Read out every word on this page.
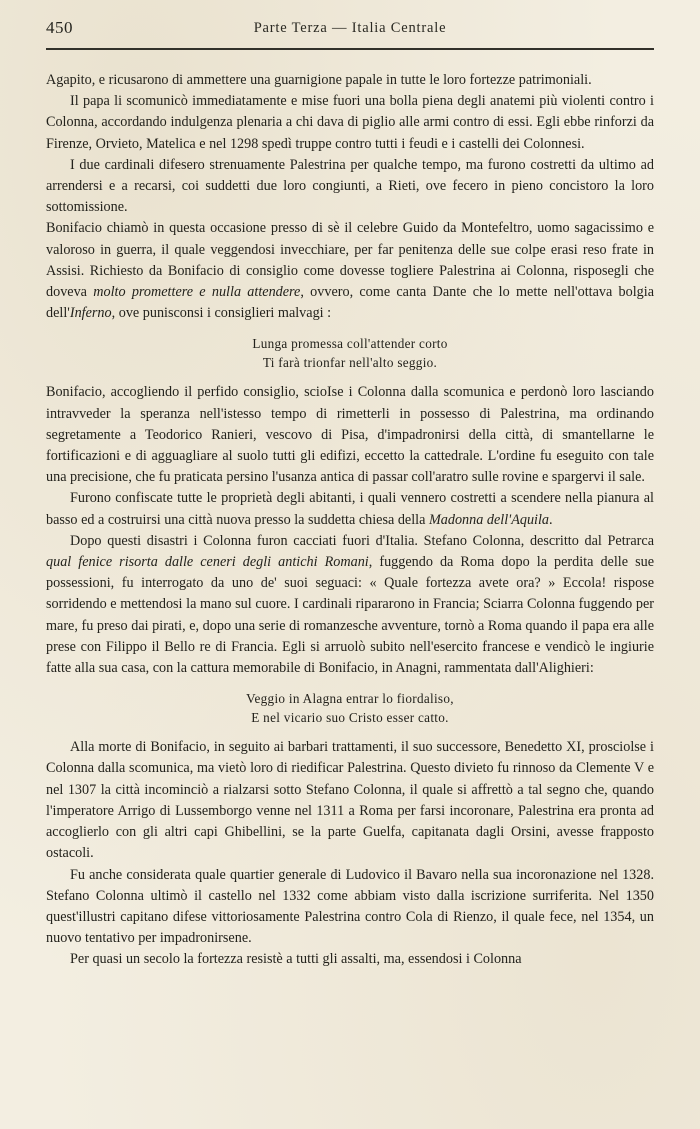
450	Parte Terza — Italia Centrale

Agapito, e ricusarono di ammettere una guarnigione papale in tutte le loro fortezze patrimoniali.

Il papa li scomunicò immediatamente e mise fuori una bolla piena degli anatemi più violenti contro i Colonna, accordando indulgenza plenaria a chi dava di piglio alle armi contro di essi. Egli ebbe rinforzi da Firenze, Orvieto, Matelica e nel 1298 spedì truppe contro tutti i feudi e i castelli dei Colonnesi.

I due cardinali difesero strenuamente Palestrina per qualche tempo, ma furono costretti da ultimo ad arrendersi e a recarsi, coi suddetti due loro congiunti, a Rieti, ove fecero in pieno concistoro la loro sottomissione.

Bonifacio chiamò in questa occasione presso di sè il celebre Guido da Montefeltro, uomo sagacissimo e valoroso in guerra, il quale veggendosi invecchiare, per far penitenza delle sue colpe erasi reso frate in Assisi. Richiesto da Bonifacio di consiglio come dovesse togliere Palestrina ai Colonna, risposegli che doveva molto promettere e nulla attendere, ovvero, come canta Dante che lo mette nell'ottava bolgia dell'Inferno, ove punisconsi i consiglieri malvagi :

Lunga promessa coll'attender corto
Ti farà trionfar nell'alto seggio.

Bonifacio, accogliendo il perfido consiglio, scioIse i Colonna dalla scomunica e perdonò loro lasciando intravveder la speranza nell'istesso tempo di rimetterli in possesso di Palestrina, ma ordinando segretamente a Teodorico Ranieri, vescovo di Pisa, d'impadronirsi della città, di smantellarne le fortificazioni e di agguagliare al suolo tutti gli edifizi, eccetto la cattedrale. L'ordine fu eseguito con tale una precisione, che fu praticata persino l'usanza antica di passar coll'aratro sulle rovine e spargervi il sale.

Furono confiscate tutte le proprietà degli abitanti, i quali vennero costretti a scendere nella pianura al basso ed a costruirsi una città nuova presso la suddetta chiesa della Madonna dell'Aquila.

Dopo questi disastri i Colonna furon cacciati fuori d'Italia. Stefano Colonna, descritto dal Petrarca qual fenice risorta dalle ceneri degli antichi Romani, fuggendo da Roma dopo la perdita delle sue possessioni, fu interrogato da uno de' suoi seguaci: « Quale fortezza avete ora? » Eccola! rispose sorridendo e mettendosi la mano sul cuore. I cardinali ripararono in Francia; Sciarra Colonna fuggendo per mare, fu preso dai pirati, e, dopo una serie di romanzesche avventure, tornò a Roma quando il papa era alle prese con Filippo il Bello re di Francia. Egli si arruolò subito nell'esercito francese e vendicò le ingiurie fatte alla sua casa, con la cattura memorabile di Bonifacio, in Anagni, rammentata dall'Alighieri:

Veggio in Alagna entrar lo fiordaliso,
E nel vicario suo Cristo esser catto.

Alla morte di Bonifacio, in seguito ai barbari trattamenti, il suo successore, Benedetto XI, prosciolse i Colonna dalla scomunica, ma vietò loro di riedificar Palestrina. Questo divieto fu rinnoso da Clemente V e nel 1307 la città incominciò a rialzarsi sotto Stefano Colonna, il quale si affrettò a tal segno che, quando l'imperatore Arrigo di Lussemborgo venne nel 1311 a Roma per farsi incoronare, Palestrina era pronta ad accoglierlo con gli altri capi Ghibellini, se la parte Guelfa, capitanata dagli Orsini, avesse frapposto ostacoli.

Fu anche considerata quale quartier generale di Ludovico il Bavaro nella sua incoronazione nel 1328. Stefano Colonna ultimò il castello nel 1332 come abbiam visto dalla iscrizione surriferita. Nel 1350 quest'illustri capitano difese vittoriosamente Palestrina contro Cola di Rienzo, il quale fece, nel 1354, un nuovo tentativo per impadronirsene.

Per quasi un secolo la fortezza resistè a tutti gli assalti, ma, essendosi i Colonna
